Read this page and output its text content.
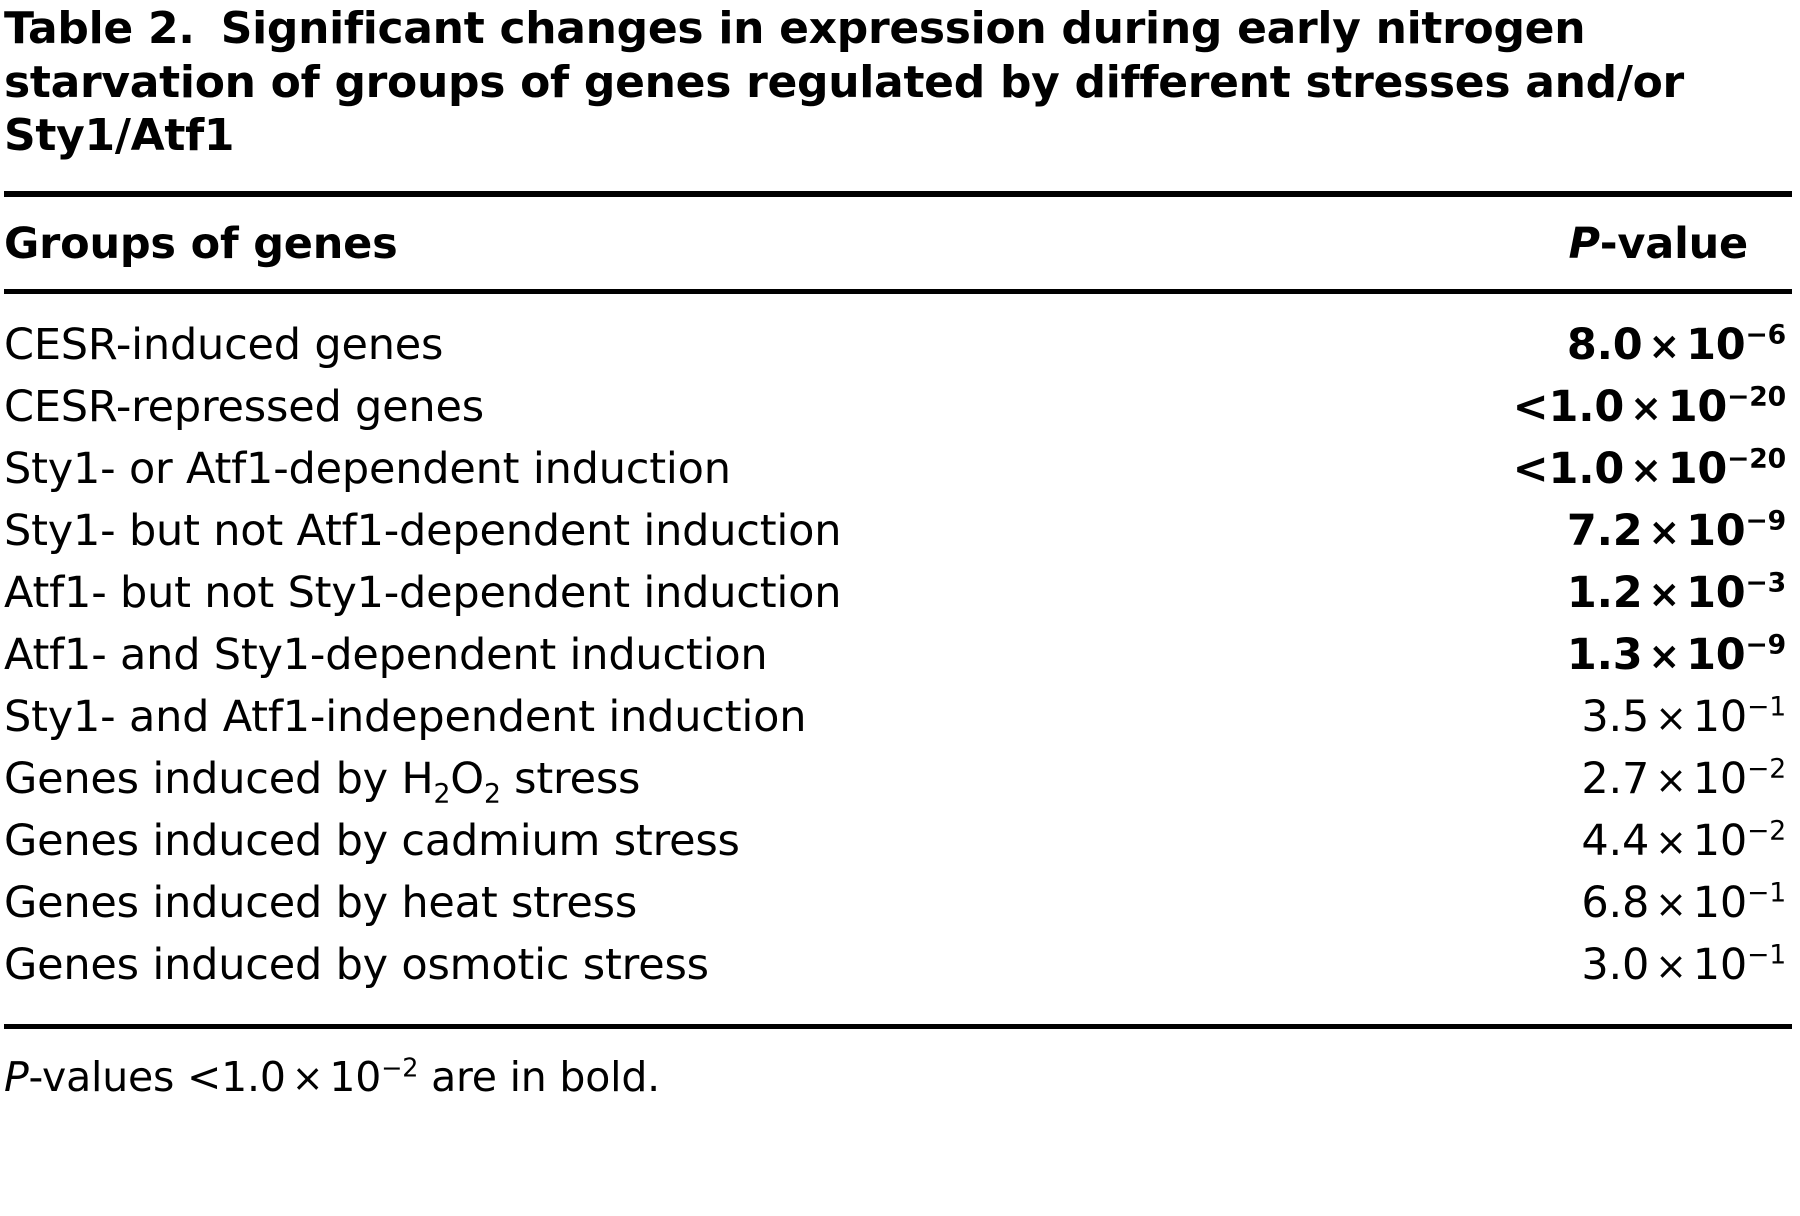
Table 2. Significant changes in expression during early nitrogen starvation of groups of genes regulated by different stresses and/or Sty1/Atf1
Groups of genes	P-value
CESR-induced genes	$8.0 \times 10^{-6}$
CESR-repressed genes	$<1.0 \times 10^{-20}$
Sty1- or Atf1-dependent induction	$<1.0 \times 10^{-20}$
Sty1- but not Atf1-dependent induction	$7.2 \times 10^{-9}$
Atf1- but not Sty1-dependent induction	$1.2 \times 10^{-3}$
Atf1- and Sty1-dependent induction	$1.3 \times 10^{-9}$
Sty1- and Atf1-independent induction	$3.5 \times 10^{-1}$
Genes induced by $H_2O_2$ stress	$2.7 \times 10^{-2}$
Genes induced by cadmium stress	$4.4 \times 10^{-2}$
Genes induced by heat stress	$6.8 \times 10^{-1}$
Genes induced by osmotic stress	$3.0 \times 10^{-1}$
P-values $<1.0 \times 10^{-2}$ are in bold.
